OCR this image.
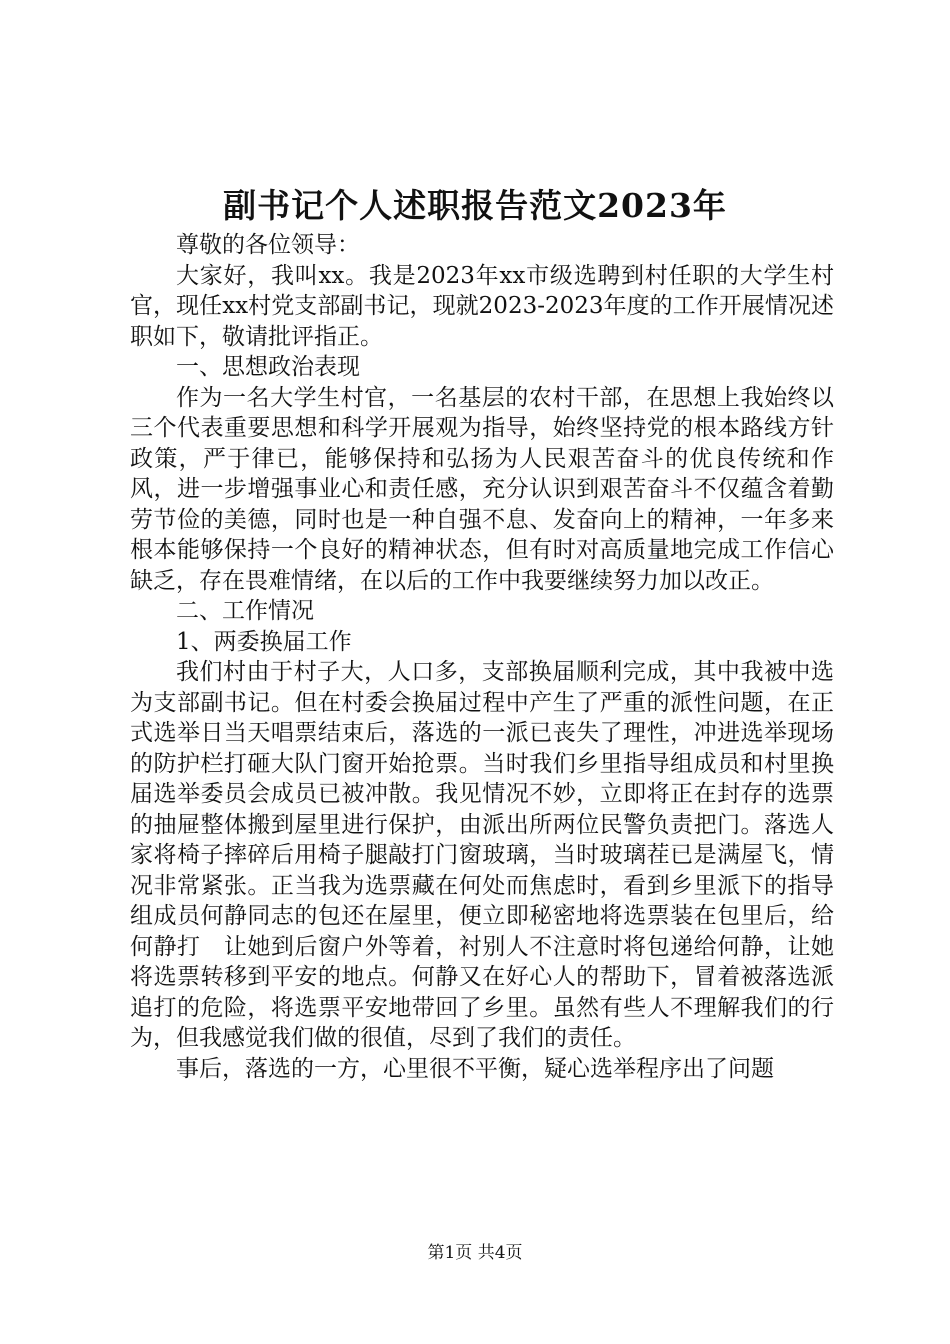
副书记个人述职报告范文2023年

尊敬的各位领导：

大家好，我叫xx。我是2023年xx市级选聘到村任职的大学生村官，现任xx村党支部副书记，现就2023-2023年度的工作开展情况述职如下，敬请批评指正。

一、思想政治表现

作为一名大学生村官，一名基层的农村干部，在思想上我始终以三个代表重要思想和科学开展观为指导，始终坚持党的根本路线方针政策，严于律已，能够保持和弘扬为人民艰苦奋斗的优良传统和作风，进一步增强事业心和责任感，充分认识到艰苦奋斗不仅蕴含着勤劳节俭的美德，同时也是一种自强不息、发奋向上的精神，一年多来根本能够保持一个良好的精神状态，但有时对高质量地完成工作信心缺乏，存在畏难情绪，在以后的工作中我要继续努力加以改正。

二、工作情况

1、两委换届工作

我们村由于村子大，人口多，支部换届顺利完成，其中我被中选为支部副书记。但在村委会换届过程中产生了严重的派性问题，在正式选举日当天唱票结束后，落选的一派已丧失了理性，冲进选举现场的防护栏打砸大队门窗开始抢票。当时我们乡里指导组成员和村里换届选举委员会成员已被冲散。我见情况不妙，立即将正在封存的选票的抽屉整体搬到屋里进行保护，由派出所两位民警负责把门。落选人家将椅子摔碎后用椅子腿敲打门窗玻璃，当时玻璃茬已是满屋飞，情况非常紧张。正当我为选票藏在何处而焦虑时，看到乡里派下的指导组成员何静同志的包还在屋里，便立即秘密地将选票装在包里后，给何静打　让她到后窗户外等着，衬别人不注意时将包递给何静，让她将选票转移到平安的地点。何静又在好心人的帮助下，冒着被落选派追打的危险，将选票平安地带回了乡里。虽然有些人不理解我们的行为，但我感觉我们做的很值，尽到了我们的责任。

事后，落选的一方，心里很不平衡，疑心选举程序出了问题

第1页 共4页
